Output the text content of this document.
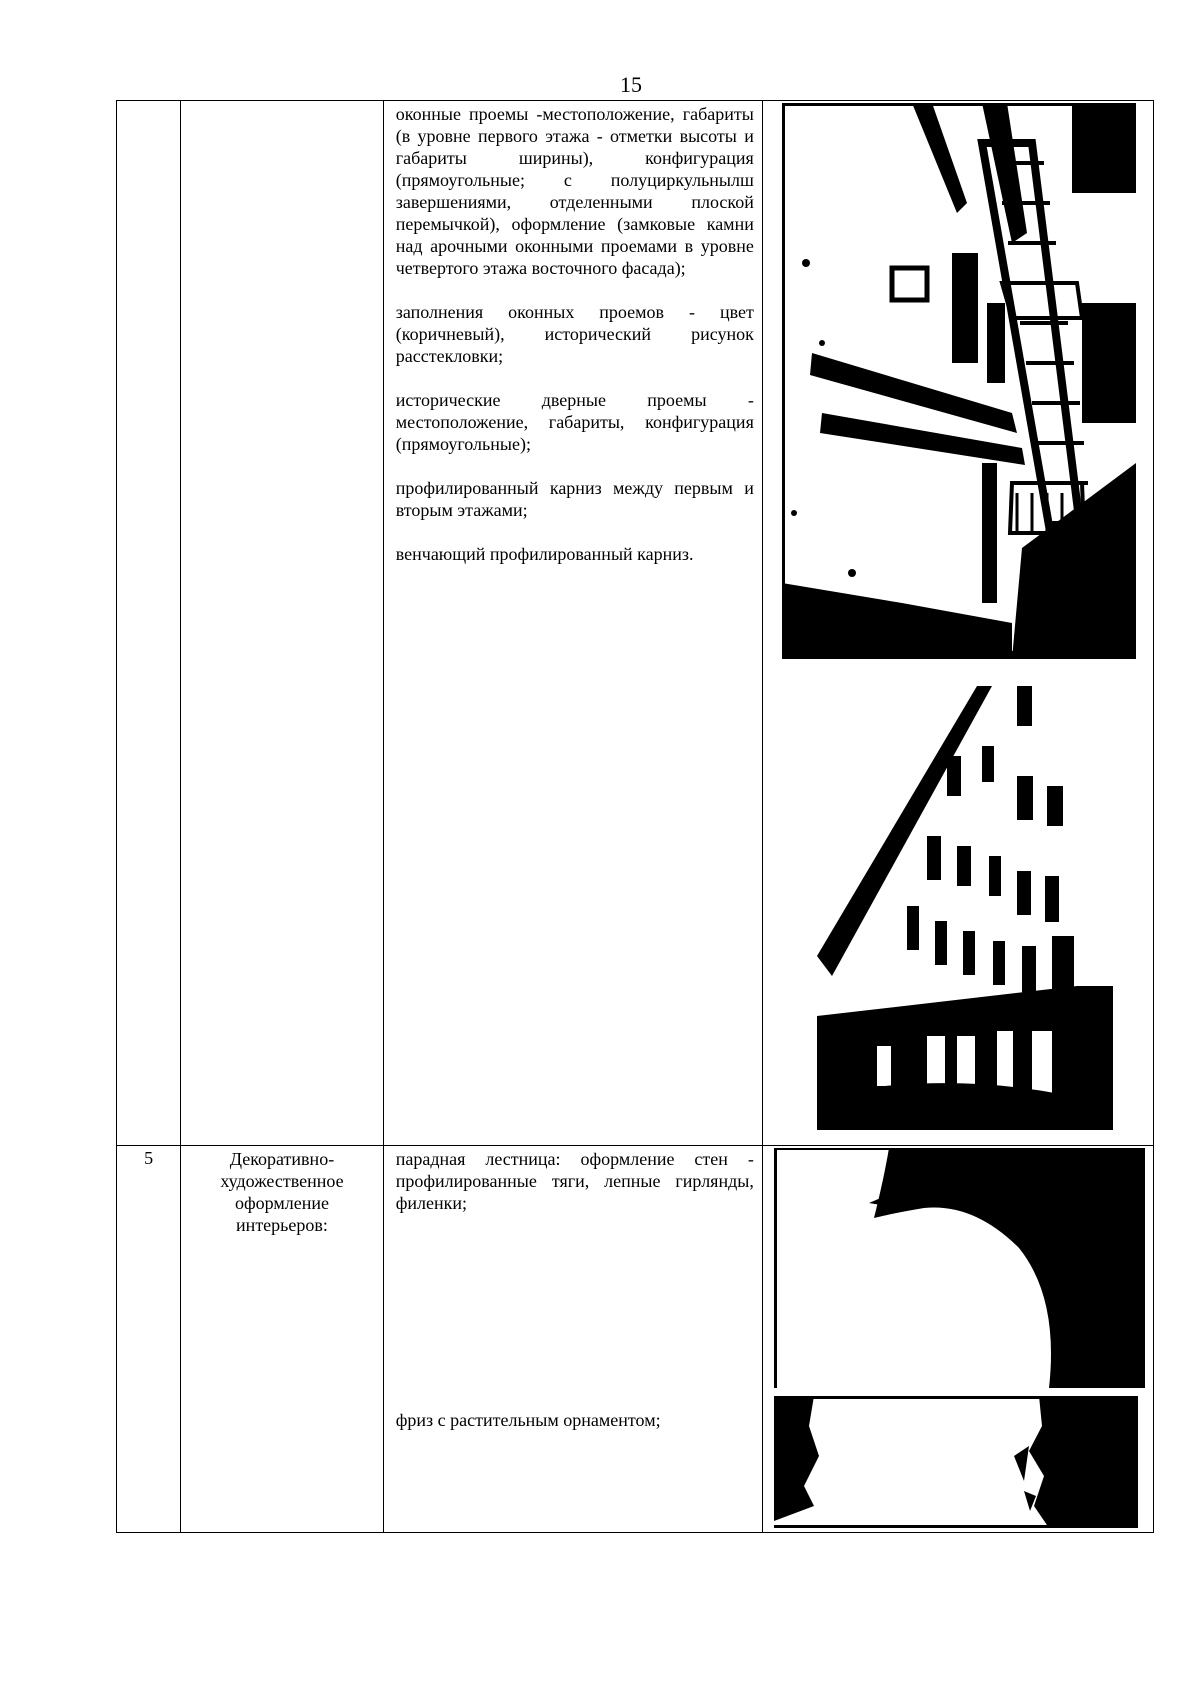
15

		оконные проемы -местоположение, габариты (в уровне первого этажа - отметки высоты и габариты ширины), конфигурация (прямоугольные; с полуциркульнылш завершениями, отделенными плоской перемычкой), оформление (замковые камни над арочными оконными проемами в уровне четвертого этажа восточного фасада);

заполнения оконных проемов - цвет (коричневый), исторический рисунок расстекловки;

исторические дверные проемы - местоположение, габариты, конфигурация (прямоугольные);

профилированный карниз между первым и вторым этажами;

венчающий профилированный карниз.

5	Декоративно-художественное оформление интерьеров:	парадная лестница: оформление стен - профилированные тяги, лепные гирлянды, филенки;

фриз с растительным орнаментом;
